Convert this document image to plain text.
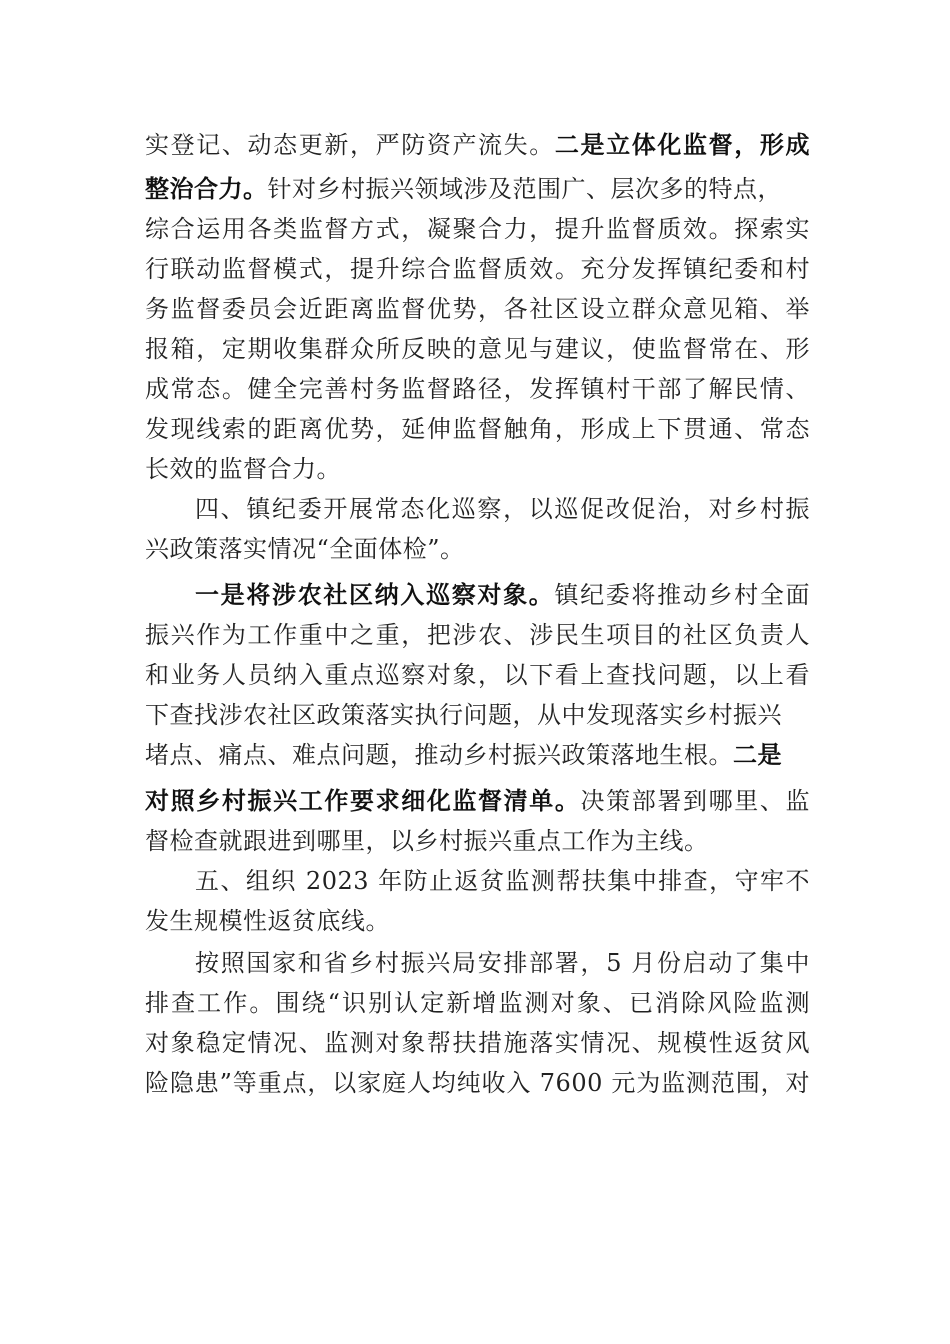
实登记、动态更新，严防资产流失。二是立体化监督，形成
整治合力。针对乡村振兴领域涉及范围广、层次多的特点，
综合运用各类监督方式，凝聚合力，提升监督质效。探索实
行联动监督模式，提升综合监督质效。充分发挥镇纪委和村
务监督委员会近距离监督优势，各社区设立群众意见箱、举
报箱，定期收集群众所反映的意见与建议，使监督常在、形
成常态。健全完善村务监督路径，发挥镇村干部了解民情、
发现线索的距离优势，延伸监督触角，形成上下贯通、常态
长效的监督合力。
四、镇纪委开展常态化巡察，以巡促改促治，对乡村振
兴政策落实情况“全面体检”。
一是将涉农社区纳入巡察对象。镇纪委将推动乡村全面
振兴作为工作重中之重，把涉农、涉民生项目的社区负责人
和业务人员纳入重点巡察对象，以下看上查找问题，以上看
下查找涉农社区政策落实执行问题，从中发现落实乡村振兴
堵点、痛点、难点问题，推动乡村振兴政策落地生根。二是
对照乡村振兴工作要求细化监督清单。决策部署到哪里、监
督检查就跟进到哪里，以乡村振兴重点工作为主线。
五、组织 2023 年防止返贫监测帮扶集中排查，守牢不
发生规模性返贫底线。
按照国家和省乡村振兴局安排部署，5 月份启动了集中
排查工作。围绕“识别认定新增监测对象、已消除风险监测
对象稳定情况、监测对象帮扶措施落实情况、规模性返贫风
险隐患”等重点，以家庭人均纯收入 7600 元为监测范围，对
